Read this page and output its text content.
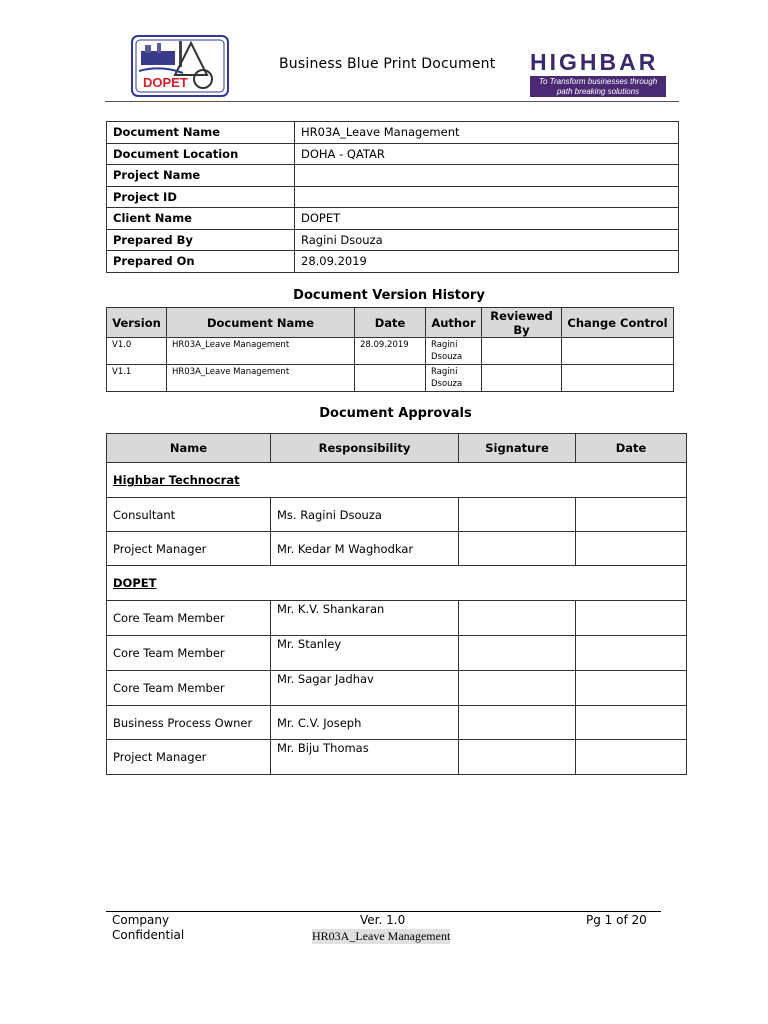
DOPET
Business Blue Print Document HIGHBAR
To Transform businesses through path breaking solutions
Document Name	HR03A_Leave Management
Document Location	DOHA - QATAR
Project Name	
Project ID	
Client Name	DOPET
Prepared By	Ragini Dsouza
Prepared On	28.09.2019
Document Version History
Version	Document Name	Date	Author	Reviewed By	Change Control
V1.0	HR03A_Leave Management	28.09.2019	Ragini Dsouza		
V1.1	HR03A_Leave Management		Ragini Dsouza		
Document Approvals
Name	Responsibility	Signature	Date
Highbar Technocrat			
Consultant	Ms. Ragini Dsouza		
Project Manager	Mr. Kedar M Waghodkar		
DOPET			
Core Team Member	Mr. K.V. Shankaran		
Core Team Member	Mr. Stanley		
Core Team Member	Mr. Sagar Jadhav		
Business Process Owner	Mr. C.V. Joseph		
Project Manager	Mr. Biju Thomas		
Company Confidential
Ver. 1.0
HR03A_Leave Management
Pg 1 of 20
